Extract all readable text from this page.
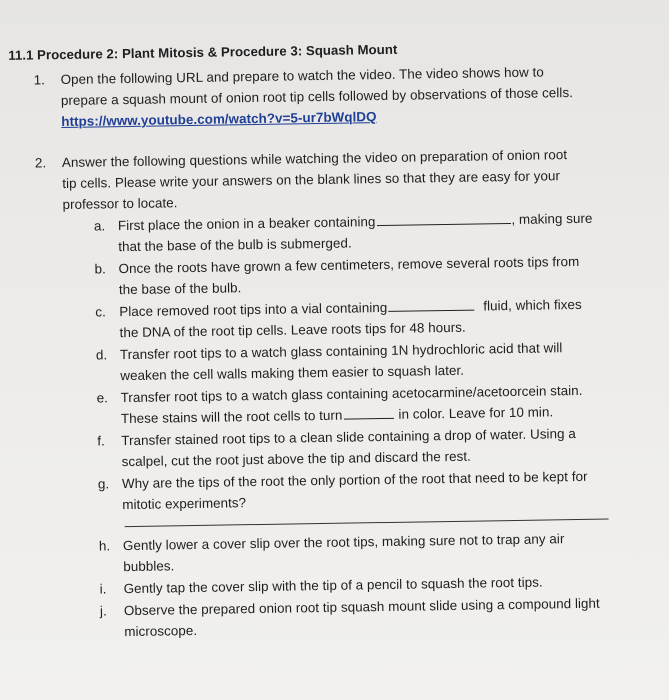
11.1 Procedure 2: Plant Mitosis & Procedure 3: Squash Mount
1. Open the following URL and prepare to watch the video. The video shows how to
prepare a squash mount of onion root tip cells followed by observations of those cells.
https://www.youtube.com/watch?v=5-ur7bWqlDQ
2. Answer the following questions while watching the video on preparation of onion root
tip cells. Please write your answers on the blank lines so that they are easy for your
professor to locate.
a. First place the onion in a beaker containing	, making sure
that the base of the bulb is submerged.
b. Once the roots have grown a few centimeters, remove several roots tips from
the base of the bulb.
c. Place removed root tips into a vial containing	fluid, which fixes
the DNA of the root tip cells. Leave roots tips for 48 hours.
d. Transfer root tips to a watch glass containing 1N hydrochloric acid that will
weaken the cell walls making them easier to squash later.
e. Transfer root tips to a watch glass containing acetocarmine/acetoorcein stain.
These stains will the root cells to turn	in color. Leave for 10 min.
f. Transfer stained root tips to a clean slide containing a drop of water. Using a
scalpel, cut the root just above the tip and discard the rest.
g. Why are the tips of the root the only portion of the root that need to be kept for
mitotic experiments?
h. Gently lower a cover slip over the root tips, making sure not to trap any air
bubbles.
i. Gently tap the cover slip with the tip of a pencil to squash the root tips.
j. Observe the prepared onion root tip squash mount slide using a compound light
microscope.
